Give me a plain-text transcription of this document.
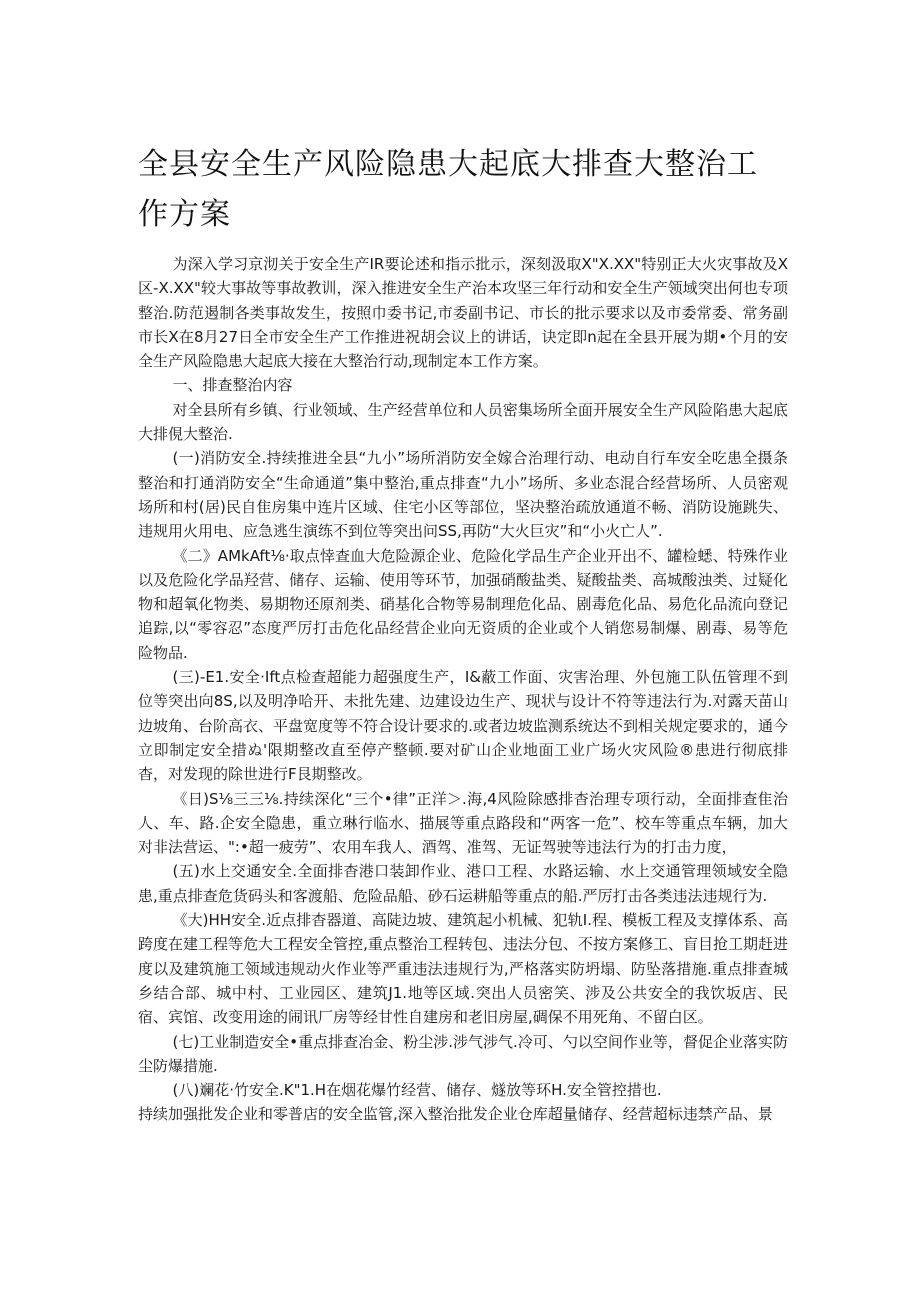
全县安全生产风险隐患大起底大排查大整治工作方案

为深入学习京沏关于安全生产IR要论述和指示批示，深刻汲取X"X.XX"特别正大火灾事故及X区-X.XX"较大事故等事故教训，深入推进安全生产治本攻坚三年行动和安全生产领域突出何也专项整治.防范遏制各类事故发生，按照巾委书记,市委副书记、市长的批示要求以及市委常委、常务副市长X在8月27日全市安全生产工作推进祝胡会议上的讲话，诀定即n起在全县开展为期•个月的安全生产风险隐患大起底大接在大整治行动,现制定本工作方案。

一、排查整治内容

对全县所有乡镇、行业领域、生产经营单位和人员密集场所全面开展安全生产风险陷患大起底大排俔大整治.

(一)消防安全.持续推进全县“九小”场所消防安全嫁合治理行动、电动自行车安全吃患全摄条整治和打通消防安全“生命通道”集中整治,重点排查“九小”场所、多业态混合经营场所、人员密观场所和村(居)民自隹房集中连片区域、住宅小区等部位，坚决整治疏放通道不畅、消防设施跳失、违规用火用电、应急逃生演练不到位等突出问SS,再防“大火巨灾”和“小火亡人”.

《二》AMkAft⅛·取点悻查血大危险源企业、危险化学品生产企业开出不、罐检蟋、特殊作业以及危险化学品羟营、储存、运输、使用等环节，加强硝酸盐类、疑酸盐类、高城酸浊类、过疑化物和超氧化物类、易期物还原剂类、硝基化合物等易制理危化品、剧毒危化品、易危化品流向登记追踪,以“零容忍”态度严厉打击危化品经营企业向无资质的企业或个人销您易制爆、剧毒、易等危险物品.

(三)-E1.安全·Ift点检查超能力超强度生产，I&蔽工作面、灾害治理、外包施工队伍管理不到位等突出向8S,以及明净哈开、未批先建、边建设边生产、现状与设计不符等违法行为.对露天苗山边坡角、台阶高衣、平盘宽度等不符合设计要求的.或者边坡监测系统达不到相关规定要求的，通今立即制定安全措ぬ'限期整改直至停产整顿.要对矿山企业地面工业广场火灾风险®患进行彻底排杳，对发现的除世进行F艮期整改。

《日)S⅛三三⅛.持续深化“三个•律”正洋＞.海,4风险除感排杳治理专项行动，全面排查隹治人、车、路.企安全隐患，重立琳行临水、描展等重点路段和“两客一危”、校车等重点车辆，加大对非法营运、":•超一疲劳”、农用车我人、酒驾、准驾、无证驾驶等违法行为的打击力度，

(五)水上交通安全.全面排杳港口装卸作业、港口工程、水路运输、水上交通管理领域安全隐患,重点排查危货码头和客渡船、危险品船、砂石运耕船等重点的船.严厉打击各类违法违规行为.

《大)HH安全.近点排杳器道、高陡边坡、建筑起小机械、犯轨I.程、模板工程及支撑体系、高跨度在建工程等危大工程安全管控,重点整治工程转包、违法分包、不按方案修工、盲目抢工期赶进度以及建筑施工领域违规动火作业等严重违法违规行为,严格落实防坍塌、防坠落措施.重点排查城乡结合部、城中村、工业园区、建筑J1.地等区域.突出人员密笑、涉及公共安全的我饮坂店、民宿、宾馆、改变用途的闹讯厂房等经甘性自建房和老旧房屋,碉保不用死角、不留白区。

(七)工业制造安全•重点排查冶金、粉尘涉.涉气涉气.冷可、勺以空间作业等，督促企业落实防尘防爆措施.

(八)斓花·竹安全.K"1.H在烟花爆竹经营、储存、燧放等环H.安全管控措也.

持续加强批发企业和零普店的安全监管,深入整治批发企业仓库超量储存、经营超标违禁产品、景
